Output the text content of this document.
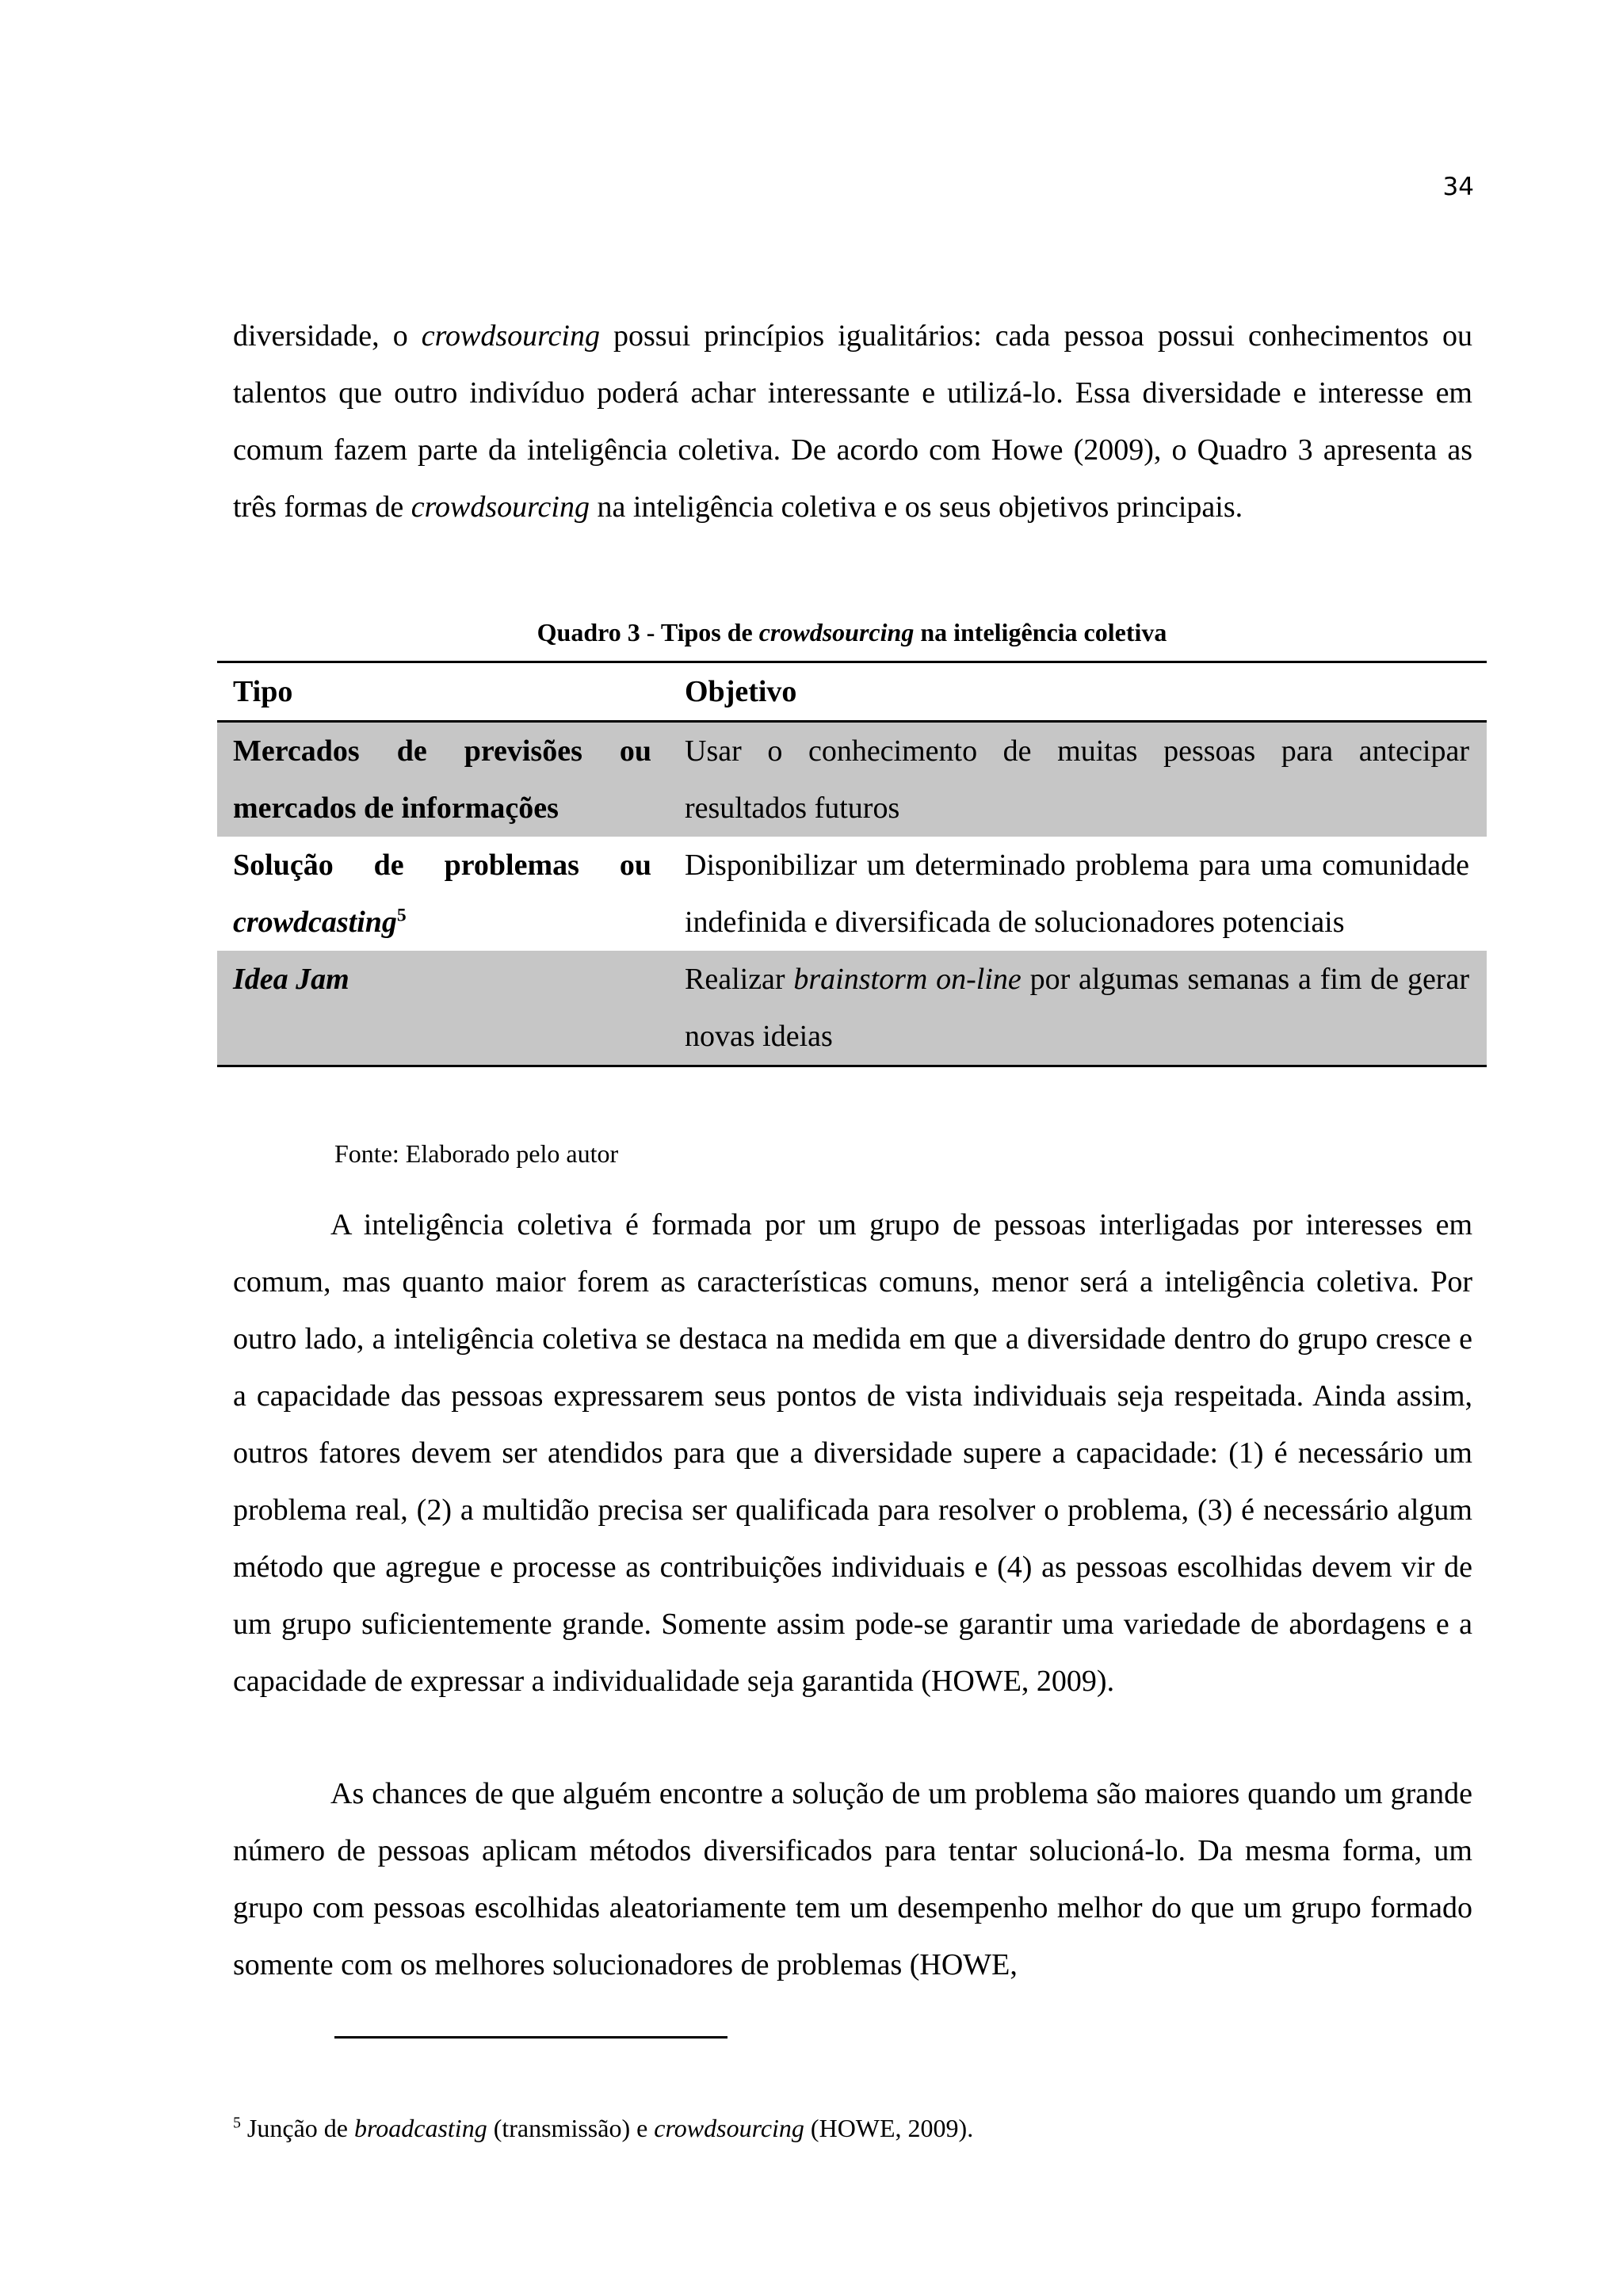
34

diversidade, o crowdsourcing possui princípios igualitários: cada pessoa possui conhecimentos ou talentos que outro indivíduo poderá achar interessante e utilizá-lo. Essa diversidade e interesse em comum fazem parte da inteligência coletiva. De acordo com Howe (2009), o Quadro 3 apresenta as três formas de crowdsourcing na inteligência coletiva e os seus objetivos principais.

Quadro 3 - Tipos de crowdsourcing na inteligência coletiva
Tipo	Objetivo
Mercados de previsões ou mercados de informações	Usar o conhecimento de muitas pessoas para antecipar resultados futuros
Solução de problemas ou crowdcasting$^5$	Disponibilizar um determinado problema para uma comunidade indefinida e diversificada de solucionadores potenciais
Idea Jam	Realizar brainstorm on-line por algumas semanas a fim de gerar novas ideias
Fonte: Elaborado pelo autor

A inteligência coletiva é formada por um grupo de pessoas interligadas por interesses em comum, mas quanto maior forem as características comuns, menor será a inteligência coletiva. Por outro lado, a inteligência coletiva se destaca na medida em que a diversidade dentro do grupo cresce e a capacidade das pessoas expressarem seus pontos de vista individuais seja respeitada. Ainda assim, outros fatores devem ser atendidos para que a diversidade supere a capacidade: (1) é necessário um problema real, (2) a multidão precisa ser qualificada para resolver o problema, (3) é necessário algum método que agregue e processe as contribuições individuais e (4) as pessoas escolhidas devem vir de um grupo suficientemente grande. Somente assim pode-se garantir uma variedade de abordagens e a capacidade de expressar a individualidade seja garantida (HOWE, 2009).

As chances de que alguém encontre a solução de um problema são maiores quando um grande número de pessoas aplicam métodos diversificados para tentar solucioná-lo. Da mesma forma, um grupo com pessoas escolhidas aleatoriamente tem um desempenho melhor do que um grupo formado somente com os melhores solucionadores de problemas (HOWE,

$^5$ Junção de broadcasting (transmissão) e crowdsourcing (HOWE, 2009).
